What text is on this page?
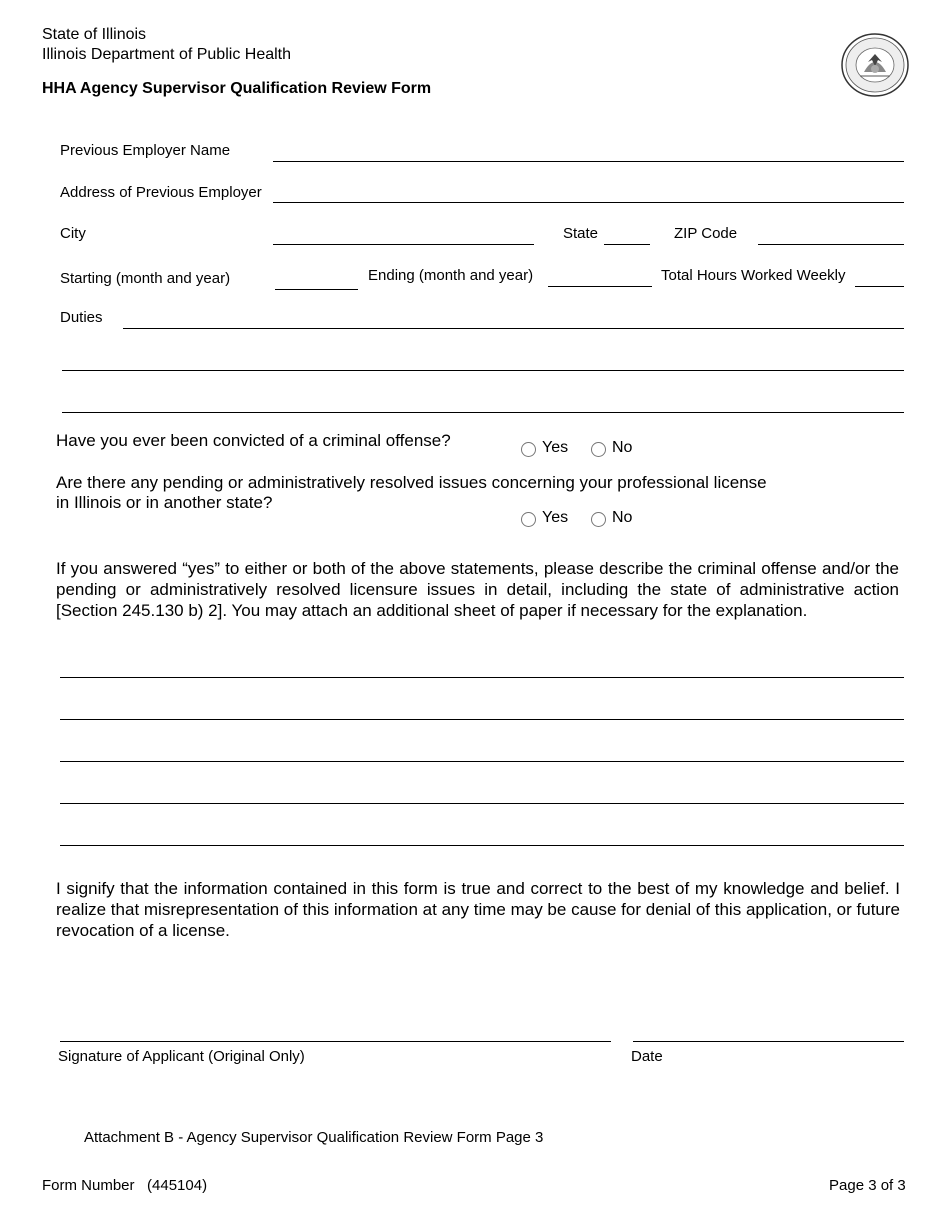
State of Illinois
Illinois Department of Public Health
HHA Agency Supervisor Qualification Review Form
Previous Employer Name
Address of Previous Employer
City	State	ZIP Code
Starting (month and year)	Ending (month and year)	Total Hours Worked Weekly
Duties
Have you ever been convicted of a criminal offense?	Yes	No
Are there any pending or administratively resolved issues concerning your professional license
in Illinois or in another state?
Yes	No
If you answered “yes” to either or both of the above statements, please describe the criminal offense and/or the pending or administratively resolved licensure issues in detail, including the state of administrative action [Section 245.130 b) 2]. You may attach an additional sheet of paper if necessary for the explanation.
I signify that the information contained in this form is true and correct to the best of my knowledge and belief. I realize that misrepresentation of this information at any time may be cause for denial of this application, or future revocation of a license.
Signature of Applicant (Original Only)	Date
Attachment B - Agency Supervisor Qualification Review Form Page 3
Form Number   (445104)	Page 3 of 3
